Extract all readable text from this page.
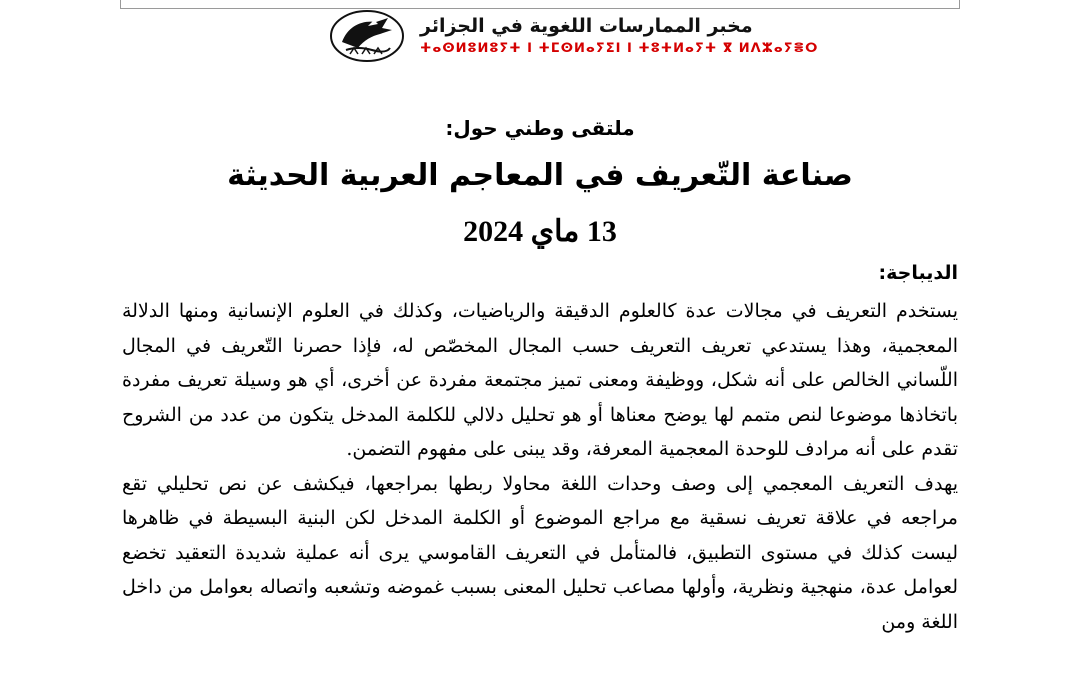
مخبر الممارسات اللغوية في الجزائر
ⵜⴰⵙⵍⵓⵍⵓⵢⵜ ⵏ ⵜⵎⵙⵍⴰⵢⵉⵏ ⵏ ⵜⵓⵜⵍⴰⵢⵜ ⴳ ⵍⴷⵣⴰⵢⴻⵔ

ملتقى وطني حول:

صناعة التّعريف في المعاجم العربية الحديثة

13 ماي 2024

الديباجة:

يستخدم التعريف في مجالات عدة كالعلوم الدقيقة والرياضيات، وكذلك في العلوم الإنسانية ومنها الدلالة المعجمية، وهذا يستدعي تعريف التعريف حسب المجال المخصّص له، فإذا حصرنا التّعريف في المجال اللّساني الخالص على أنه شكل، ووظيفة ومعنى تميز مجتمعة مفردة عن أخرى، أي هو وسيلة تعريف مفردة باتخاذها موضوعا لنص متمم لها يوضح معناها أو هو تحليل دلالي للكلمة المدخل يتكون من عدد من الشروح تقدم على أنه مرادف للوحدة المعجمية المعرفة، وقد يبنى على مفهوم التضمن.

يهدف التعريف المعجمي إلى وصف وحدات اللغة محاولا ربطها بمراجعها، فيكشف عن نص تحليلي تقع مراجعه في علاقة تعريف نسقية مع مراجع الموضوع أو الكلمة المدخل لكن البنية البسيطة في ظاهرها ليست كذلك في مستوى التطبيق، فالمتأمل في التعريف القاموسي يرى أنه عملية شديدة التعقيد تخضع لعوامل عدة، منهجية ونظرية، وأولها مصاعب تحليل المعنى بسبب غموضه وتشعبه واتصاله بعوامل من داخل اللغة ومن
